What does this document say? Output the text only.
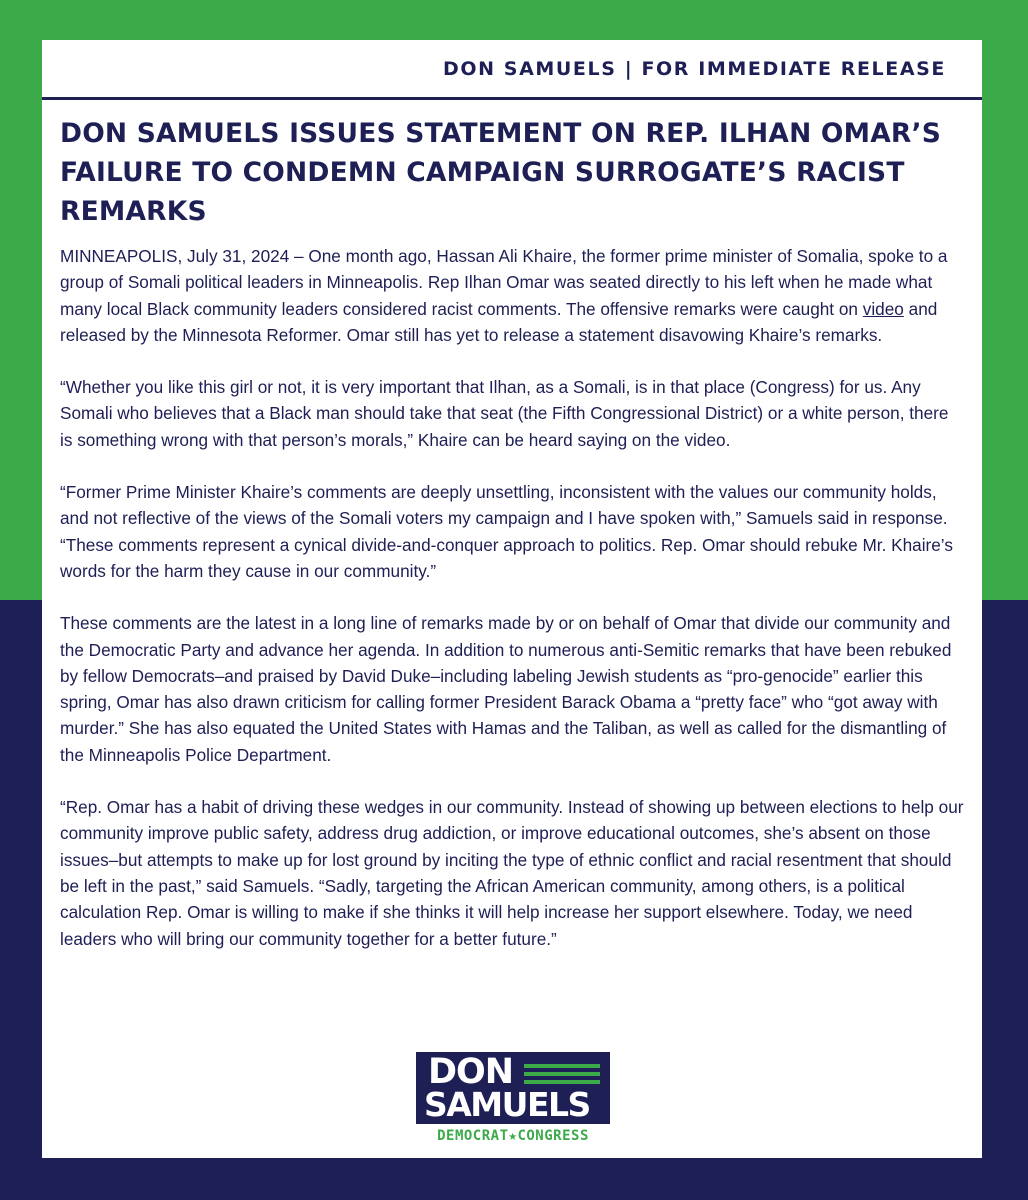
DON SAMUELS | FOR IMMEDIATE RELEASE
DON SAMUELS ISSUES STATEMENT ON REP. ILHAN OMAR’S FAILURE TO CONDEMN CAMPAIGN SURROGATE’S RACIST REMARKS

MINNEAPOLIS, July 31, 2024 – One month ago, Hassan Ali Khaire, the former prime minister of Somalia, spoke to a group of Somali political leaders in Minneapolis. Rep Ilhan Omar was seated directly to his left when he made what many local Black community leaders considered racist comments. The offensive remarks were caught on video and released by the Minnesota Reformer. Omar still has yet to release a statement disavowing Khaire’s remarks.

“Whether you like this girl or not, it is very important that Ilhan, as a Somali, is in that place (Congress) for us. Any Somali who believes that a Black man should take that seat (the Fifth Congressional District) or a white person, there is something wrong with that person’s morals,” Khaire can be heard saying on the video.

“Former Prime Minister Khaire’s comments are deeply unsettling, inconsistent with the values our community holds, and not reflective of the views of the Somali voters my campaign and I have spoken with,” Samuels said in response. “These comments represent a cynical divide-and-conquer approach to politics. Rep. Omar should rebuke Mr. Khaire’s words for the harm they cause in our community.”

These comments are the latest in a long line of remarks made by or on behalf of Omar that divide our community and the Democratic Party and advance her agenda. In addition to numerous anti-Semitic remarks that have been rebuked by fellow Democrats–and praised by David Duke–including labeling Jewish students as “pro-genocide” earlier this spring, Omar has also drawn criticism for calling former President Barack Obama a “pretty face” who “got away with murder.” She has also equated the United States with Hamas and the Taliban, as well as called for the dismantling of the Minneapolis Police Department.

“Rep. Omar has a habit of driving these wedges in our community. Instead of showing up between elections to help our community improve public safety, address drug addiction, or improve educational outcomes, she’s absent on those issues–but attempts to make up for lost ground by inciting the type of ethnic conflict and racial resentment that should be left in the past,” said Samuels. “Sadly, targeting the African American community, among others, is a political calculation Rep. Omar is willing to make if she thinks it will help increase her support elsewhere. Today, we need leaders who will bring our community together for a better future.”

DON
SAMUELS
DEMOCRAT★CONGRESS
